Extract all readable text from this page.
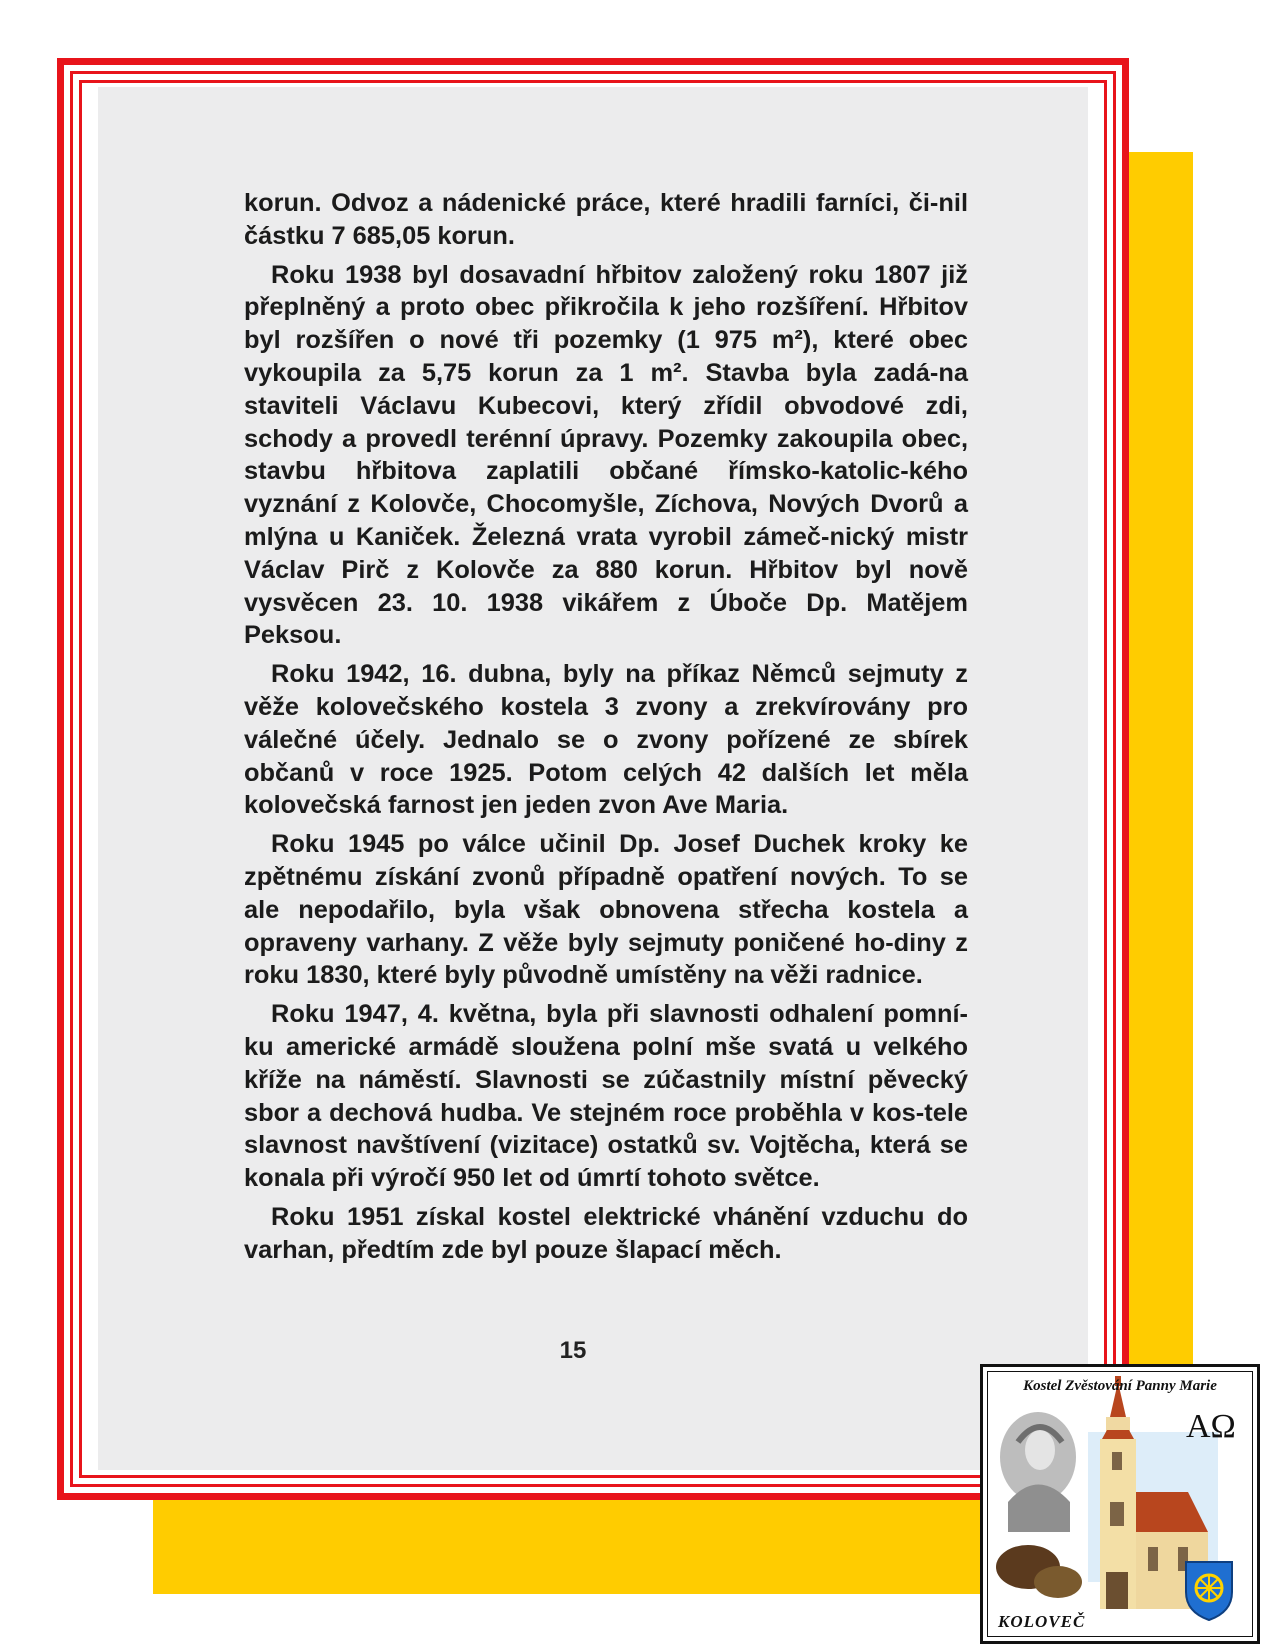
korun. Odvoz a nádenické práce, které hradili farníci, či-nil částku 7 685,05 korun.

Roku 1938 byl dosavadní hřbitov založený roku 1807 již přeplněný a proto obec přikročila k jeho rozšíření. Hřbitov byl rozšířen o nové tři pozemky (1 975 m²), které obec vykoupila za 5,75 korun za 1 m². Stavba byla zadá-na staviteli Václavu Kubecovi, který zřídil obvodové zdi, schody a provedl terénní úpravy. Pozemky zakoupila obec, stavbu hřbitova zaplatili občané římsko-katolic-kého vyznání z Kolovče, Chocomyšle, Zíchova, Nových Dvorů a mlýna u Kaniček. Železná vrata vyrobil zámeč-nický mistr Václav Pirč z Kolovče za 880 korun. Hřbitov byl nově vysvěcen 23. 10. 1938 vikářem z Úboče Dp. Matějem Peksou.

Roku 1942, 16. dubna, byly na příkaz Němců sejmuty z věže kolovečského kostela 3 zvony a zrekvírovány pro válečné účely. Jednalo se o zvony pořízené ze sbírek občanů v roce 1925. Potom celých 42 dalších let měla kolovečská farnost jen jeden zvon Ave Maria.

Roku 1945 po válce učinil Dp. Josef Duchek kroky ke zpětnému získání zvonů případně opatření nových. To se ale nepodařilo, byla však obnovena střecha kostela a opraveny varhany. Z věže byly sejmuty poničené ho-diny z roku 1830, které byly původně umístěny na věži radnice.

Roku 1947, 4. května, byla při slavnosti odhalení pomní-ku americké armádě sloužena polní mše svatá u velkého kříže na náměstí. Slavnosti se zúčastnily místní pěvecký sbor a dechová hudba. Ve stejném roce proběhla v kos-tele slavnost navštívení (vizitace) ostatků sv. Vojtěcha, která se konala při výročí 950 let od úmrtí tohoto světce.

Roku 1951 získal kostel elektrické vhánění vzduchu do varhan, předtím zde byl pouze šlapací měch.

15
AΩ
Kostel Zvěstování Panny Marie
KOLOVEČ
